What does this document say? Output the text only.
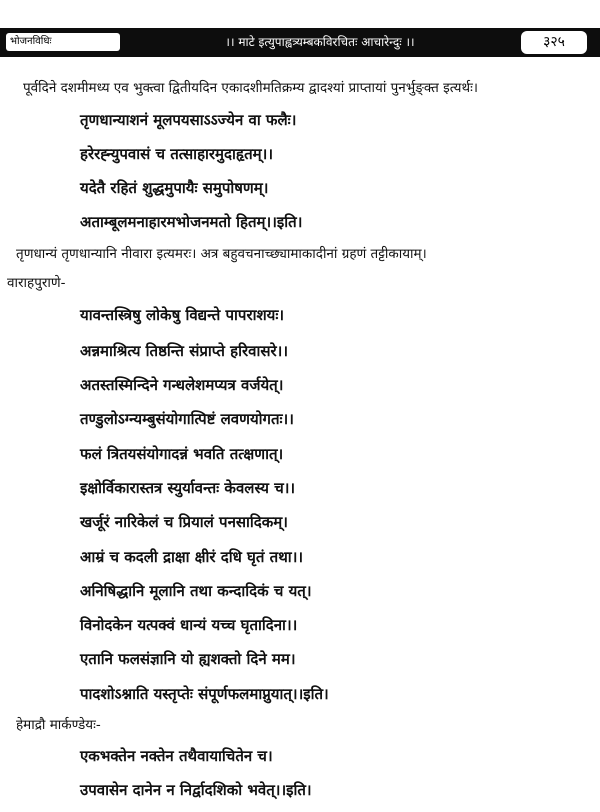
भोजनविधिः	।। माटे इत्युपाह्वत्र्यम्बकविरचितः आचारेन्दुः ।।	३२५
पूर्वदिने दशमीमध्य एव भुक्त्वा द्वितीयदिन एकादशीमतिक्रम्य द्वादश्यां प्राप्तायां पुनर्भुङ्क्त इत्यर्थः।
तृणधान्याशनं मूलपयसाऽऽज्येन वा फलैः।
हरेरह्न्युपवासं च तत्साहारमुदाहृतम्।।
यदेतै रहितं शुद्धमुपायैः समुपोषणम्।
अताम्बूलमनाहारमभोजनमतो हितम्।।इति।
तृणधान्यं तृणधान्यानि नीवारा इत्यमरः। अत्र बहुवचनाच्छ्यामाकादीनां ग्रहणं तट्टीकायाम्।
वाराहपुराणे-
यावन्तस्त्रिषु लोकेषु विद्यन्ते पापराशयः।
अन्नमाश्रित्य तिष्ठन्ति संप्राप्ते हरिवासरे।।
अतस्तस्मिन्दिने गन्धलेशमप्यत्र वर्जयेत्।
तण्डुलोऽग्न्यम्बुसंयोगात्पिष्टं लवणयोगतः।।
फलं त्रितयसंयोगादन्नं भवति तत्क्षणात्।
इक्षोर्विकारास्तत्र स्युर्यावन्तः केवलस्य च।।
खर्जूरं नारिकेलं च प्रियालं पनसादिकम्।
आम्रं च कदली द्राक्षा क्षीरं दधि घृतं तथा।।
अनिषिद्धानि मूलानि तथा कन्दादिकं च यत्।
विनोदकेन यत्पक्वं धान्यं यच्च घृतादिना।।
एतानि फलसंज्ञानि यो ह्यशक्तो दिने मम।
पादशोऽश्नाति यस्तृप्तेः संपूर्णफलमाप्नुयात्।।इति।
हेमाद्रौ मार्कण्डेयः-
एकभक्तेन नक्तेन तथैवायाचितेन च।
उपवासेन दानेन न निर्द्वादशिको भवेत्।।इति।
